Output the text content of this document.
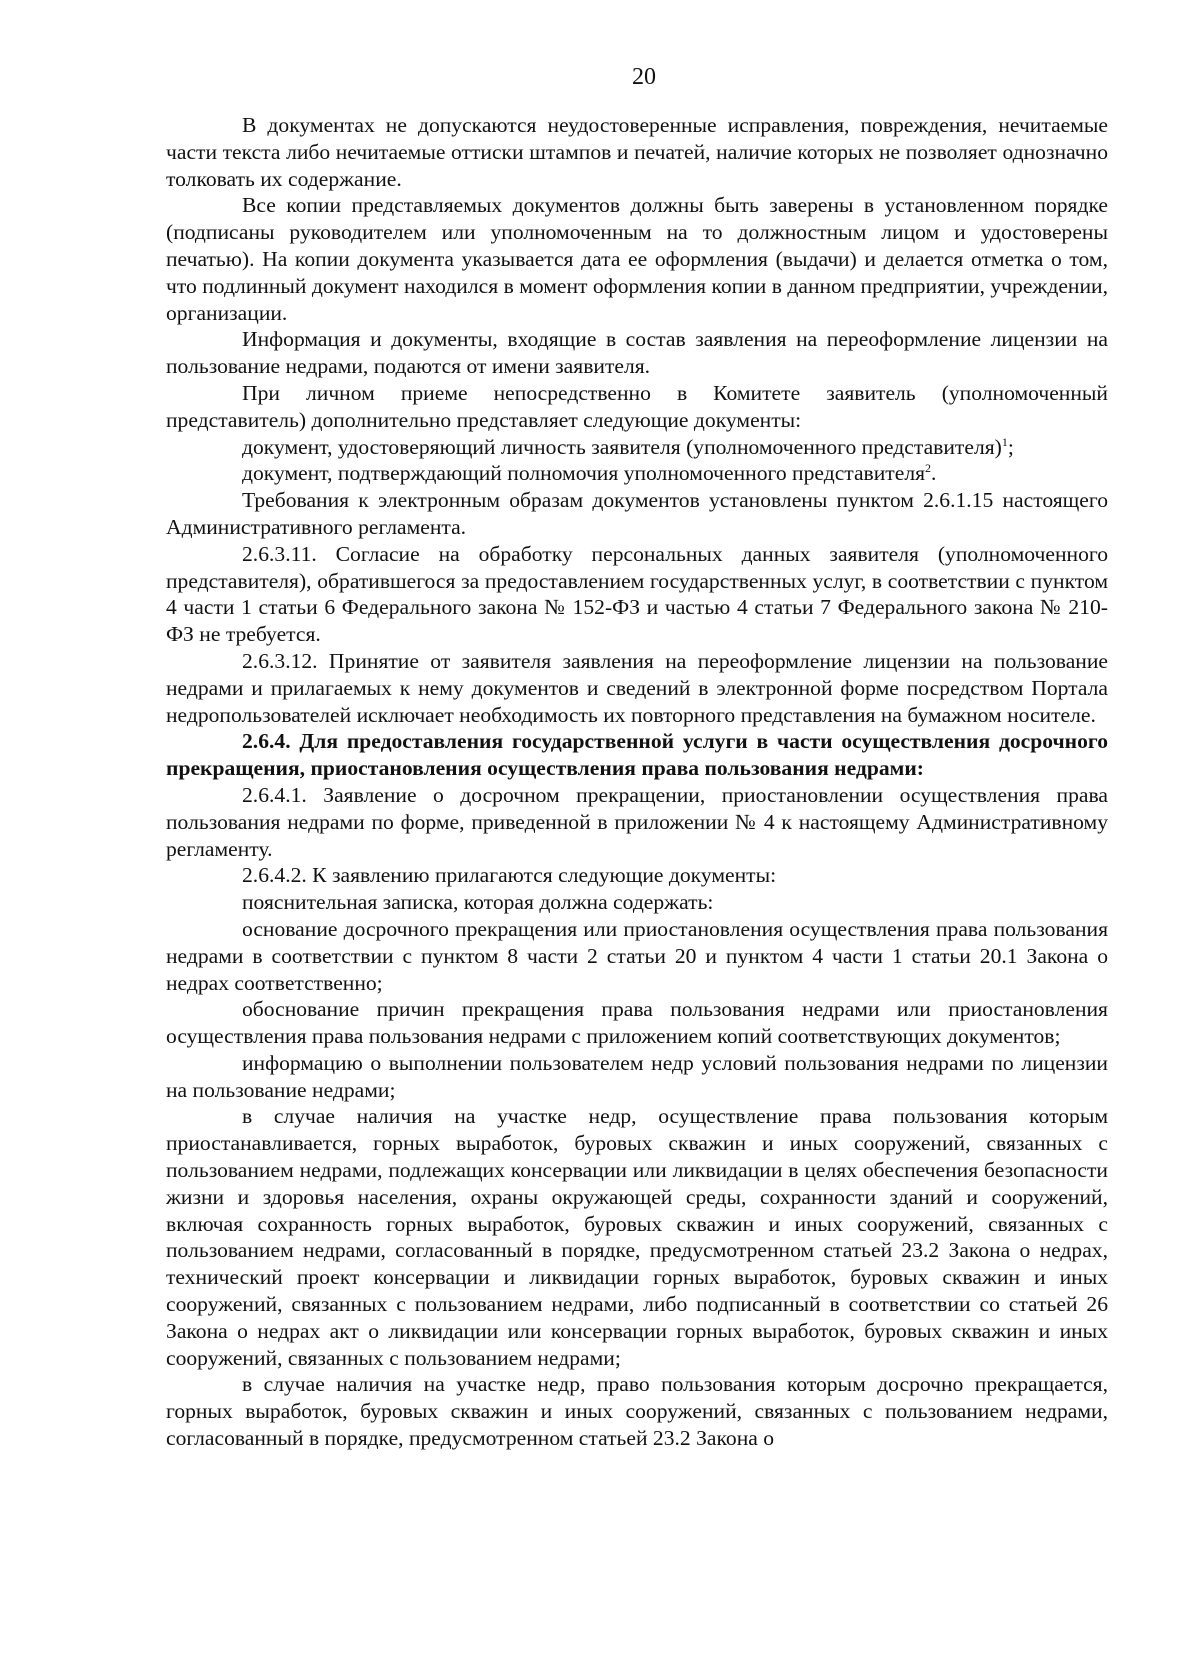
20

В документах не допускаются неудостоверенные исправления, повреждения, нечитаемые части текста либо нечитаемые оттиски штампов и печатей, наличие которых не позволяет однозначно толковать их содержание.

Все копии представляемых документов должны быть заверены в установленном порядке (подписаны руководителем или уполномоченным на то должностным лицом и удостоверены печатью). На копии документа указывается дата ее оформления (выдачи) и делается отметка о том, что подлинный документ находился в момент оформления копии в данном предприятии, учреждении, организации.

Информация и документы, входящие в состав заявления на переоформление лицензии на пользование недрами, подаются от имени заявителя.

При личном приеме непосредственно в Комитете заявитель (уполномоченный представитель) дополнительно представляет следующие документы:

документ, удостоверяющий личность заявителя (уполномоченного представителя)$^1$;

документ, подтверждающий полномочия уполномоченного представителя$^2$.

Требования к электронным образам документов установлены пунктом 2.6.1.15 настоящего Административного регламента.

2.6.3.11. Согласие на обработку персональных данных заявителя (уполномоченного представителя), обратившегося за предоставлением государственных услуг, в соответствии с пунктом 4 части 1 статьи 6 Федерального закона № 152-ФЗ и частью 4 статьи 7 Федерального закона № 210-ФЗ не требуется.

2.6.3.12. Принятие от заявителя заявления на переоформление лицензии на пользование недрами и прилагаемых к нему документов и сведений в электронной форме посредством Портала недропользователей исключает необходимость их повторного представления на бумажном носителе.

2.6.4. Для предоставления государственной услуги в части осуществления досрочного прекращения, приостановления осуществления права пользования недрами:

2.6.4.1. Заявление о досрочном прекращении, приостановлении осуществления права пользования недрами по форме, приведенной в приложении № 4 к настоящему Административному регламенту.

2.6.4.2. К заявлению прилагаются следующие документы:

пояснительная записка, которая должна содержать:

основание досрочного прекращения или приостановления осуществления права пользования недрами в соответствии с пунктом 8 части 2 статьи 20 и пунктом 4 части 1 статьи 20.1 Закона о недрах соответственно;

обоснование причин прекращения права пользования недрами или приостановления осуществления права пользования недрами с приложением копий соответствующих документов;

информацию о выполнении пользователем недр условий пользования недрами по лицензии на пользование недрами;

в случае наличия на участке недр, осуществление права пользования которым приостанавливается, горных выработок, буровых скважин и иных сооружений, связанных с пользованием недрами, подлежащих консервации или ликвидации в целях обеспечения безопасности жизни и здоровья населения, охраны окружающей среды, сохранности зданий и сооружений, включая сохранность горных выработок, буровых скважин и иных сооружений, связанных с пользованием недрами, согласованный в порядке, предусмотренном статьей 23.2 Закона о недрах, технический проект консервации и ликвидации горных выработок, буровых скважин и иных сооружений, связанных с пользованием недрами, либо подписанный в соответствии со статьей 26 Закона о недрах акт о ликвидации или консервации горных выработок, буровых скважин и иных сооружений, связанных с пользованием недрами;

в случае наличия на участке недр, право пользования которым досрочно прекращается, горных выработок, буровых скважин и иных сооружений, связанных с пользованием недрами, согласованный в порядке, предусмотренном статьей 23.2 Закона о
